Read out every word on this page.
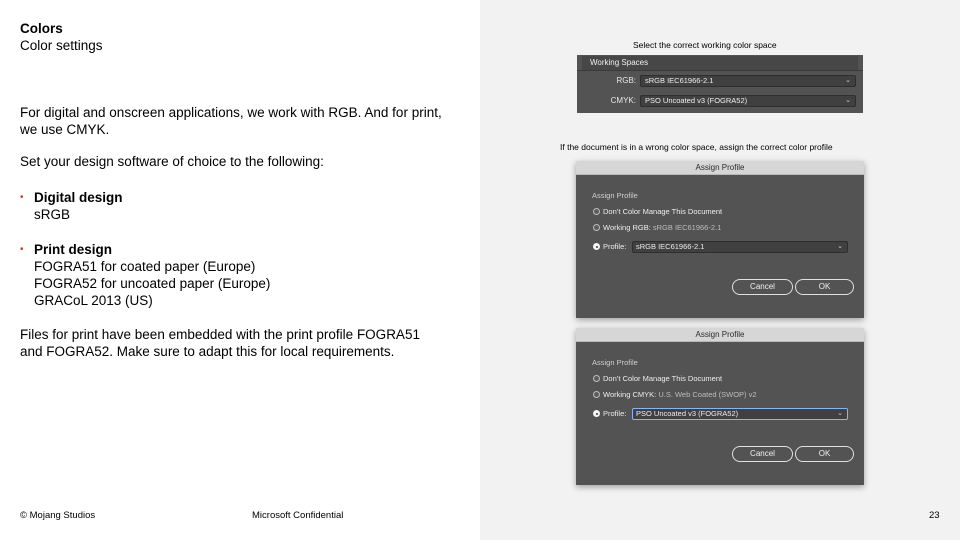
Colors
Color settings
For digital and onscreen applications, we work with RGB. And for print,
we use CMYK.
Set your design software of choice to the following:
• Digital design
sRGB
• Print design
FOGRA51 for coated paper (Europe)
FOGRA52 for uncoated paper (Europe)
GRACoL 2013 (US)
Files for print have been embedded with the print profile FOGRA51
and FOGRA52. Make sure to adapt this for local requirements.
© Mojang Studios	Microsoft Confidential	23
Select the correct working color space
Working Spaces
RGB:	sRGB IEC61966-2.1	⌄
CMYK:	PSO Uncoated v3 (FOGRA52)	⌄
If the document is in a wrong color space, assign the correct color profile
Assign Profile
Assign Profile
Don’t Color Manage This Document
Working RGB: sRGB IEC61966-2.1
Profile:	sRGB IEC61966-2.1	⌄
Cancel	OK
Assign Profile
Assign Profile
Don’t Color Manage This Document
Working CMYK: U.S. Web Coated (SWOP) v2
Profile:	PSO Uncoated v3 (FOGRA52)	⌄
Cancel	OK
